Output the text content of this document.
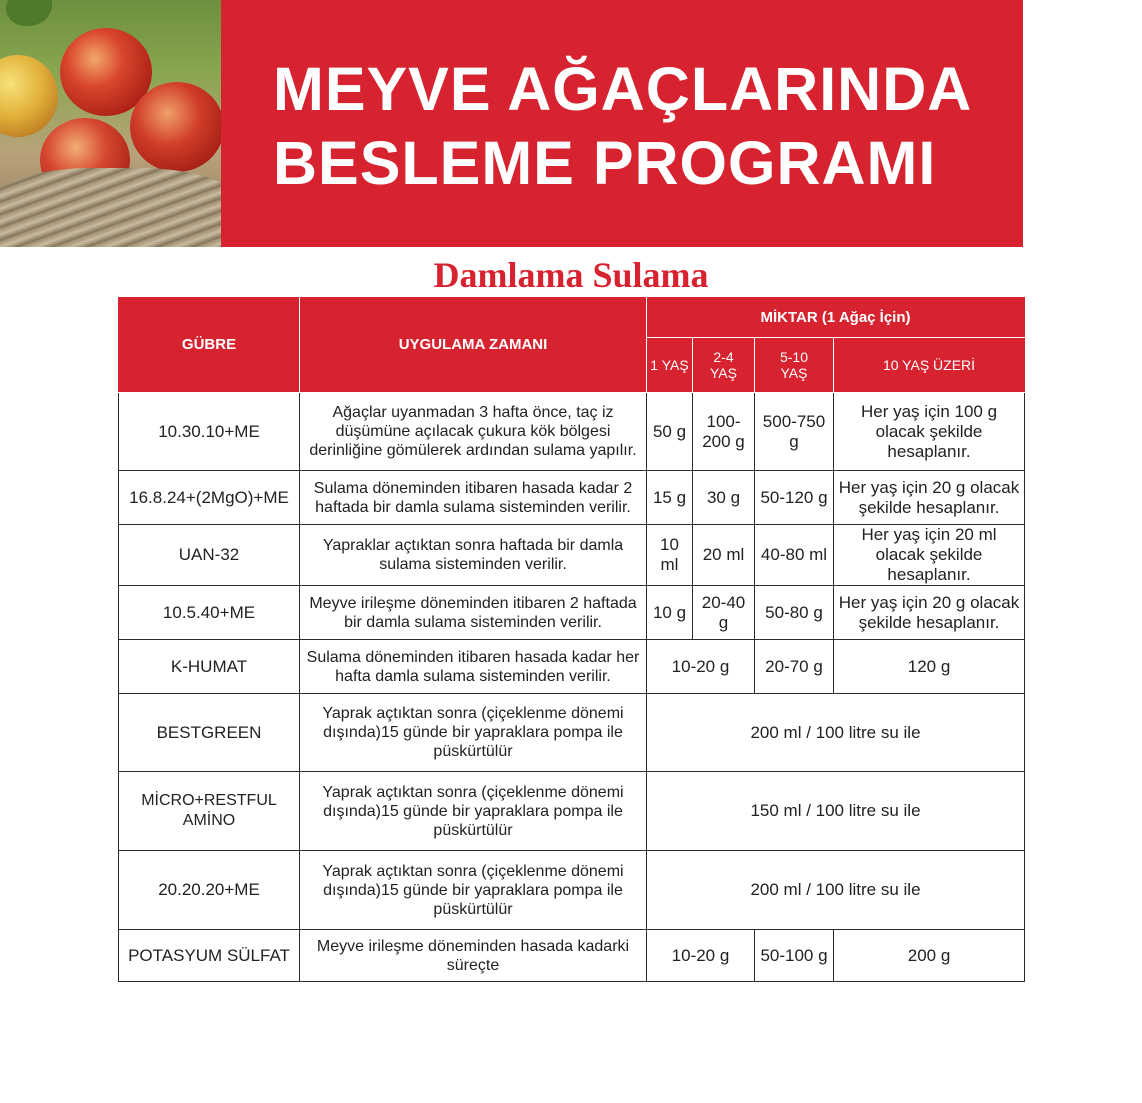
MEYVE AĞAÇLARINDA
BESLEME PROGRAMI
Damlama Sulama
GÜBRE	UYGULAMA ZAMANI	MİKTAR (1 Ağaç İçin)			
		1 YAŞ	2-4 YAŞ	5-10 YAŞ	10 YAŞ ÜZERİ
10.30.10+ME	Ağaçlar uyanmadan 3 hafta önce, taç iz düşümüne açılacak çukura kök bölgesi derinliğine gömülerek ardından sulama yapılır.	50 g	100-200 g	500-750 g	Her yaş için 100 g olacak şekilde hesaplanır.
16.8.24+(2MgO)+ME	Sulama döneminden itibaren hasada kadar 2 haftada bir damla sulama sisteminden verilir.	15 g	30 g	50-120 g	Her yaş için 20 g olacak şekilde hesaplanır.
UAN-32	Yapraklar açtıktan sonra haftada bir damla sulama sisteminden verilir.	10 ml	20 ml	40-80 ml	Her yaş için 20 ml olacak şekilde hesaplanır.
10.5.40+ME	Meyve irileşme döneminden itibaren 2 haftada bir damla sulama sisteminden verilir.	10 g	20-40 g	50-80 g	Her yaş için 20 g olacak şekilde hesaplanır.
K-HUMAT	Sulama döneminden itibaren hasada kadar her hafta damla sulama sisteminden verilir.	10-20 g		20-70 g	120 g
BESTGREEN	Yaprak açtıktan sonra (çiçeklenme dönemi dışında)15 günde bir yapraklara pompa ile püskürtülür	200 ml / 100 litre su ile			
MİCRO+RESTFUL AMİNO	Yaprak açtıktan sonra (çiçeklenme dönemi dışında)15 günde bir yapraklara pompa ile püskürtülür	150 ml / 100 litre su ile			
20.20.20+ME	Yaprak açtıktan sonra (çiçeklenme dönemi dışında)15 günde bir yapraklara pompa ile püskürtülür	200 ml / 100 litre su ile			
POTASYUM SÜLFAT	Meyve irileşme döneminden hasada kadarki süreçte	10-20 g		50-100 g	200 g
